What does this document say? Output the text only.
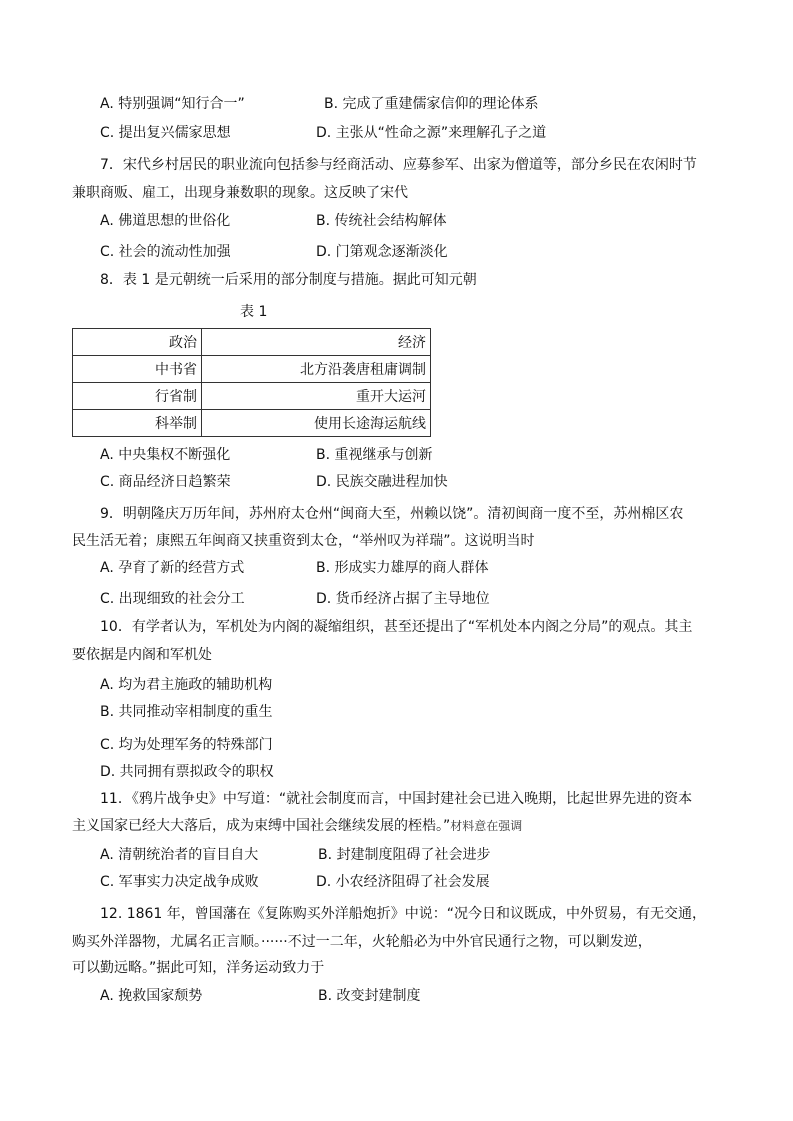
A. 特别强调“知行合一”	B. 完成了重建儒家信仰的理论体系
C. 提出复兴儒家思想	D. 主张从“性命之源”来理解孔子之道
7．宋代乡村居民的职业流向包括参与经商活动、应募参军、出家为僧道等，部分乡民在农闲时节
兼职商贩、雇工，出现身兼数职的现象。这反映了宋代
A. 佛道思想的世俗化	B. 传统社会结构解体
C. 社会的流动性加强	D. 门第观念逐渐淡化
8．表 1 是元朝统一后采用的部分制度与措施。据此可知元朝
表 1
政治	经济
中书省	北方沿袭唐租庸调制
行省制	重开大运河
科举制	使用长途海运航线
A. 中央集权不断强化	B. 重视继承与创新
C. 商品经济日趋繁荣	D. 民族交融进程加快
9．明朝隆庆万历年间，苏州府太仓州“闽商大至，州赖以饶”。清初闽商一度不至，苏州棉区农
民生活无着；康熙五年闽商又挟重资到太仓，“举州叹为祥瑞”。这说明当时
A. 孕育了新的经营方式	B. 形成实力雄厚的商人群体
C. 出现细致的社会分工	D. 货币经济占据了主导地位
10．有学者认为，军机处为内阁的凝缩组织，甚至还提出了“军机处本内阁之分局”的观点。其主
要依据是内阁和军机处
A. 均为君主施政的辅助机构
B. 共同推动宰相制度的重生
C. 均为处理军务的特殊部门
D. 共同拥有票拟政令的职权
11．《鸦片战争史》中写道：“就社会制度而言，中国封建社会已进入晚期，比起世界先进的资本
主义国家已经大大落后，成为束缚中国社会继续发展的桎梏。”材料意在强调
A. 清朝统治者的盲目自大	B. 封建制度阻碍了社会进步
C. 军事实力决定战争成败	D. 小农经济阻碍了社会发展
12. 1861 年，曾国藩在《复陈购买外洋船炮折》中说：“况今日和议既成，中外贸易，有无交通，
购买外洋器物，尤属名正言顺。······不过一二年，火轮船必为中外官民通行之物，可以剿发逆，
可以勤远略。”据此可知，洋务运动致力于
A. 挽救国家颓势	B. 改变封建制度
